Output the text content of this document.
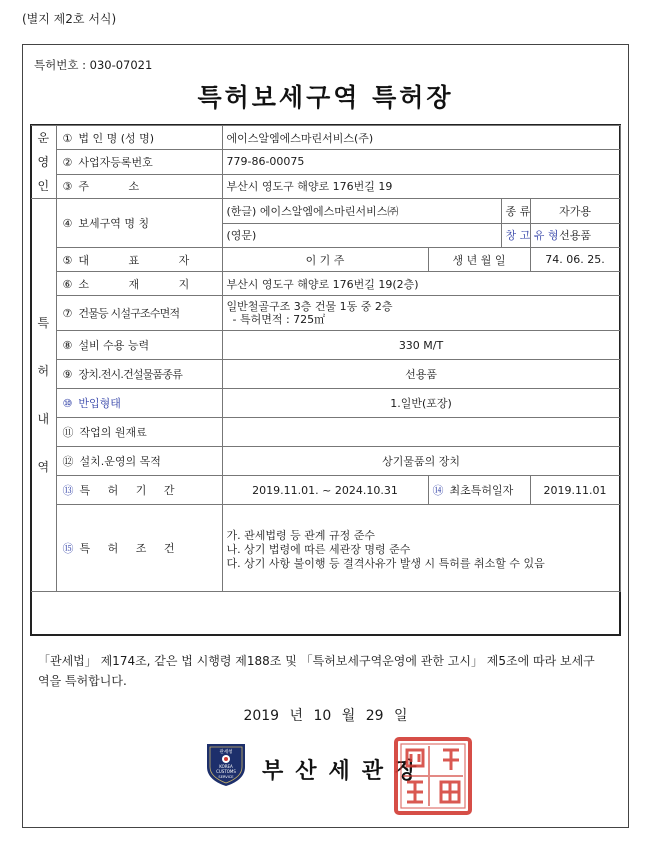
(별지 제2호 서식)
특허번호 : 030-07021
특허보세구역 특허장
운
영
인	① 법 인 명 (성 명)	에이스알엠에스마린서비스(주)			
	② 사업자등록번호	779-86-00075			
	③ 주 소	부산시 영도구 해양로 176번길 19			
특

허

내

역	④ 보세구역 명 칭	(한글) 에이스알엠에스마린서비스㈜		종 류	자가용
		(영문)		창 고 유 형	선용품
	⑤ 대 표 자	이 기 주	생 년 월 일		74. 06. 25.
	⑥ 소 재 지	부산시 영도구 해양로 176번길 19(2층)			
	⑦ 건물등 시설구조수면적	일반철골구조 3층 건물 1동 중 2층
- 특허면적 : 725㎡			

	⑧ 설비 수용 능력	330 M/T			
	⑨ 장치.전시.건설물품종류	선용품			
	⑩ 반입형태	1.일반(포장)			
	⑪ 작업의 원재료				
	⑫ 설치.운영의 목적	상기물품의 장치			
	⑬ 특 허 기 간	2019.11.01. ~ 2024.10.31	⑭ 최초특허일자		2019.11.01
	⑮ 특 허 조 건	가. 관세법령 등 관계 규정 준수
나. 상기 법령에 따른 세관장 명령 준수
다. 상기 사항 불이행 등 결격사유가 발생 시 특허를 취소할 수 있음			
「관세법」 제174조, 같은 법 시행령 제188조 및 「특허보세구역운영에 관한 고시」 제5조에 따라 보세구역을 특허합니다.
2019 년 10 월 29 일
관세청
KOREA
CUSTOMS
SERVICE 부산세관장
